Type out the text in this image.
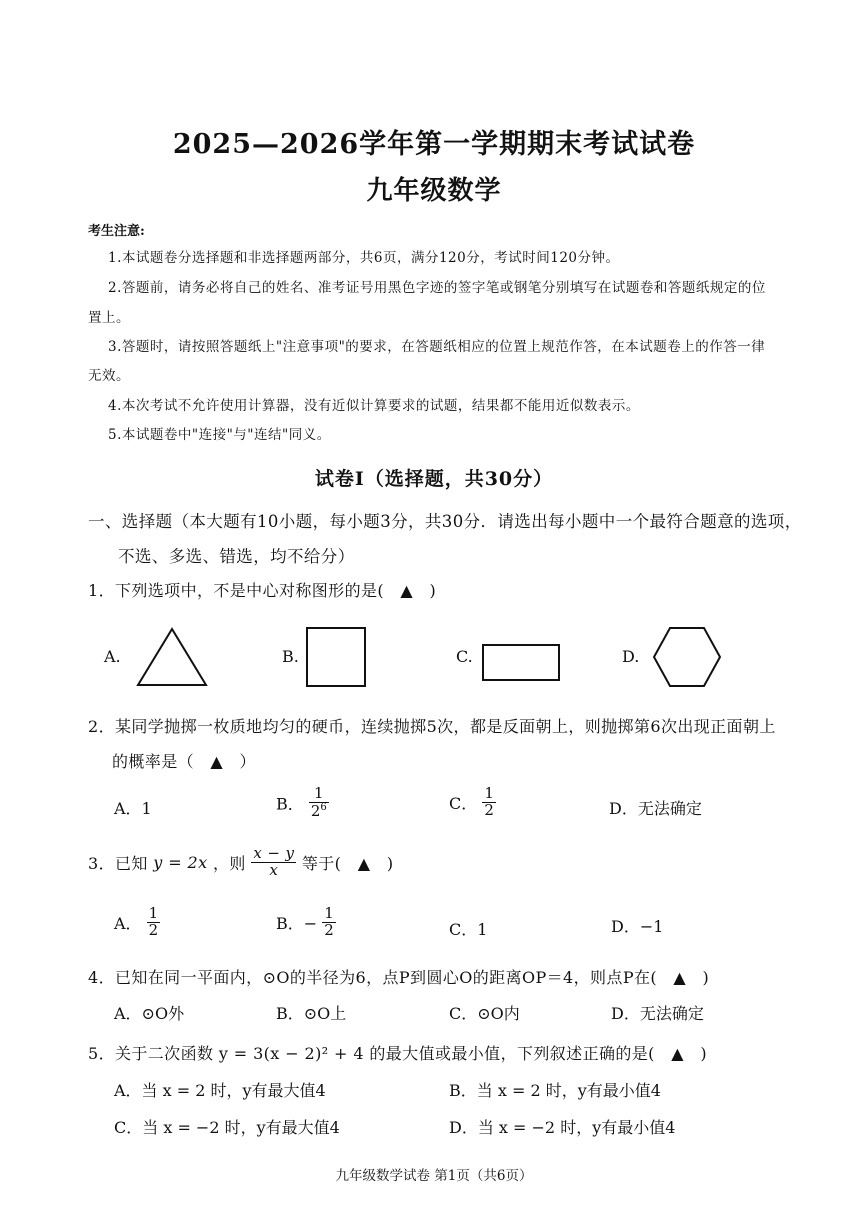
2025—2026学年第一学期期末考试试卷
九年级数学
考生注意:
1.本试题卷分选择题和非选择题两部分，共6页，满分120分，考试时间120分钟。
2.答题前，请务必将自己的姓名、准考证号用黑色字迹的签字笔或钢笔分别填写在试题卷和答题纸规定的位
置上。
3.答题时，请按照答题纸上"注意事项"的要求，在答题纸相应的位置上规范作答，在本试题卷上的作答一律
无效。
4.本次考试不允许使用计算器，没有近似计算要求的试题，结果都不能用近似数表示。
5.本试题卷中"连接"与"连结"同义。
试卷Ⅰ（选择题，共30分）
一、选择题（本大题有10小题，每小题3分，共30分．请选出每小题中一个最符合题意的选项，
不选、多选、错选，均不给分）
1．下列选项中，不是中心对称图形的是(　▲　)
A.	B.	C.	D.
2．某同学抛掷一枚质地均匀的硬币，连续抛掷5次，都是反面朝上，则抛掷第6次出现正面朝上
的概率是（　▲　）
A．1	B． $\frac{1}{2^6}$	C． $\frac{1}{2}$	D．无法确定
3．已知 y = 2x ，则 $\frac{x - y}{x}$ 等于(　▲　)
A． $\frac{1}{2}$	B．− $\frac{1}{2}$	C．1	D．−1
4．已知在同一平面内，⊙O的半径为6，点P到圆心O的距离OP＝4，则点P在(　▲　)
A．⊙O外	B．⊙O上	C．⊙O内	D．无法确定
5．关于二次函数 y = 3(x − 2)² + 4 的最大值或最小值，下列叙述正确的是(　▲　)
A．当 x = 2 时，y有最大值4	B．当 x = 2 时，y有最小值4
C．当 x = −2 时，y有最大值4	D．当 x = −2 时，y有最小值4
九年级数学试卷 第1页（共6页）
